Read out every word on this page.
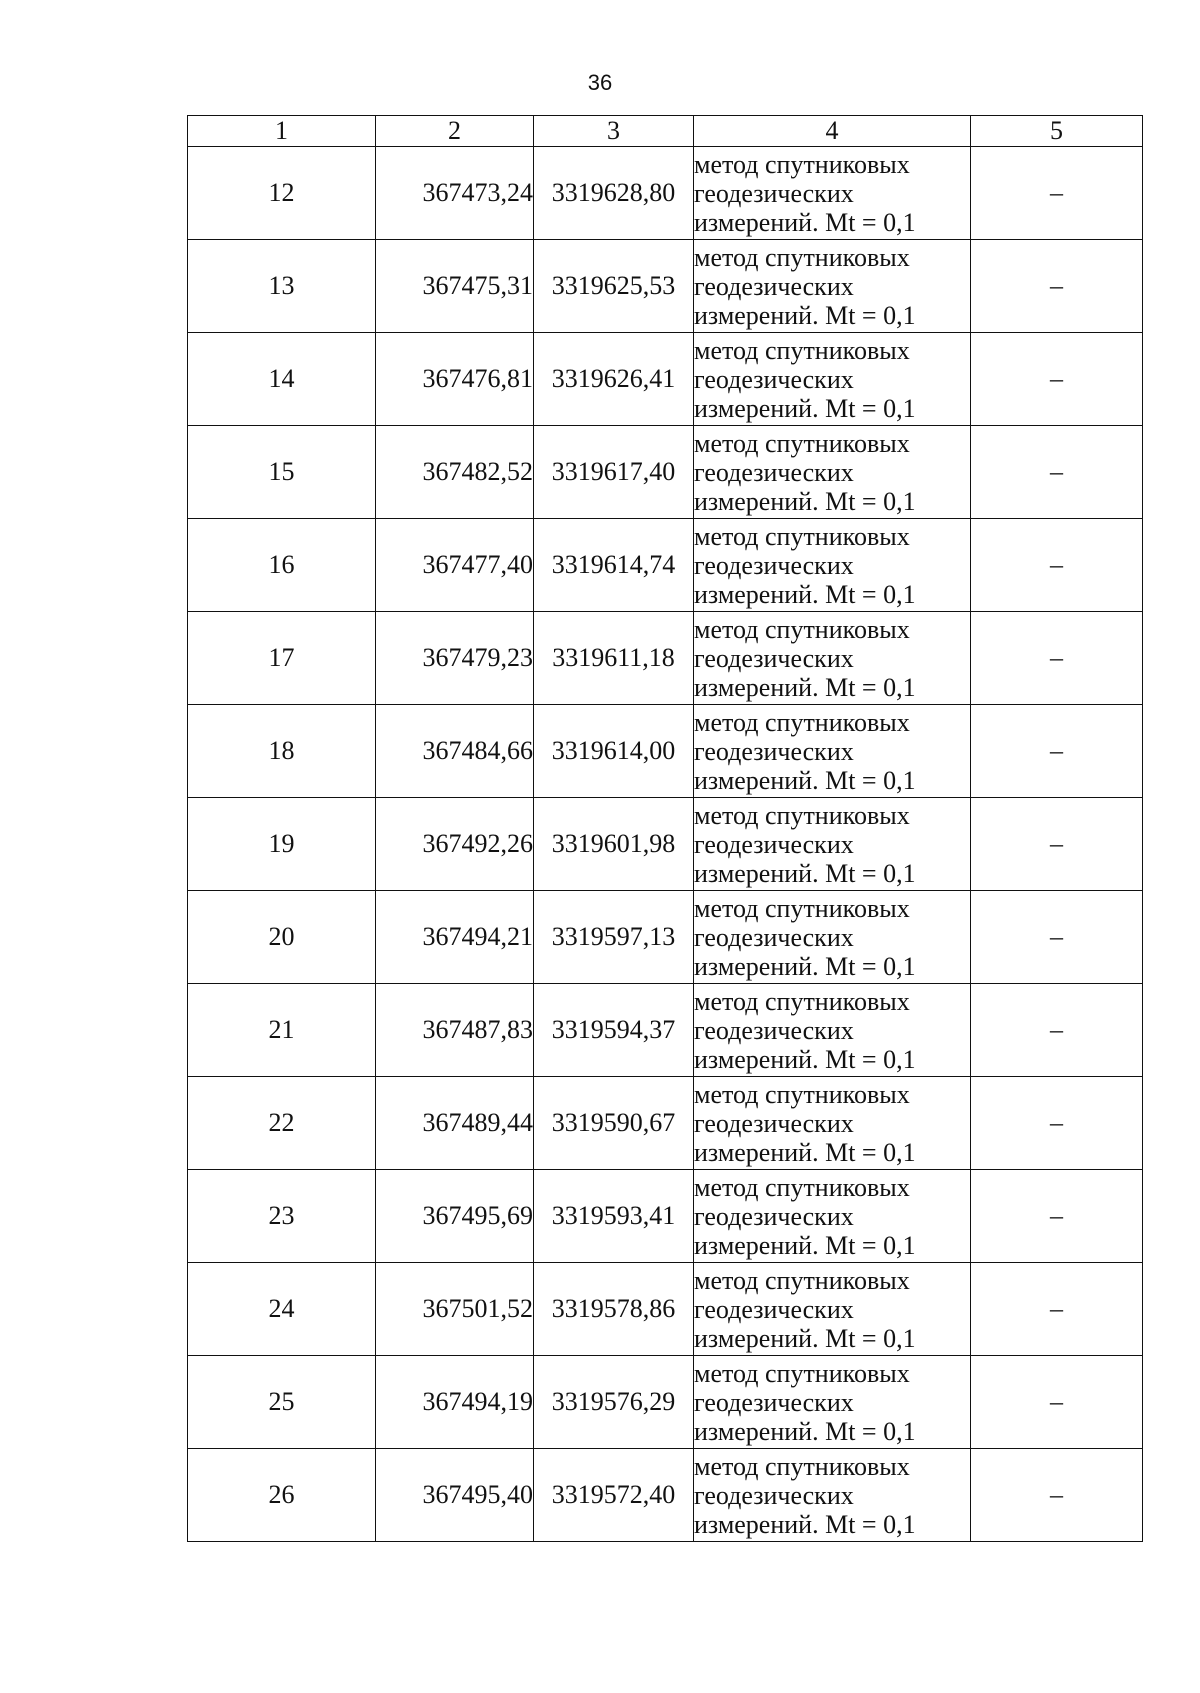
36
1	2	3	4	5
12	367473,24	3319628,80	метод спутниковых
геодезических
измерений. Mt = 0,1	–
13	367475,31	3319625,53	метод спутниковых
геодезических
измерений. Mt = 0,1	–
14	367476,81	3319626,41	метод спутниковых
геодезических
измерений. Mt = 0,1	–
15	367482,52	3319617,40	метод спутниковых
геодезических
измерений. Mt = 0,1	–
16	367477,40	3319614,74	метод спутниковых
геодезических
измерений. Mt = 0,1	–
17	367479,23	3319611,18	метод спутниковых
геодезических
измерений. Mt = 0,1	–
18	367484,66	3319614,00	метод спутниковых
геодезических
измерений. Mt = 0,1	–
19	367492,26	3319601,98	метод спутниковых
геодезических
измерений. Mt = 0,1	–
20	367494,21	3319597,13	метод спутниковых
геодезических
измерений. Mt = 0,1	–
21	367487,83	3319594,37	метод спутниковых
геодезических
измерений. Mt = 0,1	–
22	367489,44	3319590,67	метод спутниковых
геодезических
измерений. Mt = 0,1	–
23	367495,69	3319593,41	метод спутниковых
геодезических
измерений. Mt = 0,1	–
24	367501,52	3319578,86	метод спутниковых
геодезических
измерений. Mt = 0,1	–
25	367494,19	3319576,29	метод спутниковых
геодезических
измерений. Mt = 0,1	–
26	367495,40	3319572,40	метод спутниковых
геодезических
измерений. Mt = 0,1	–
